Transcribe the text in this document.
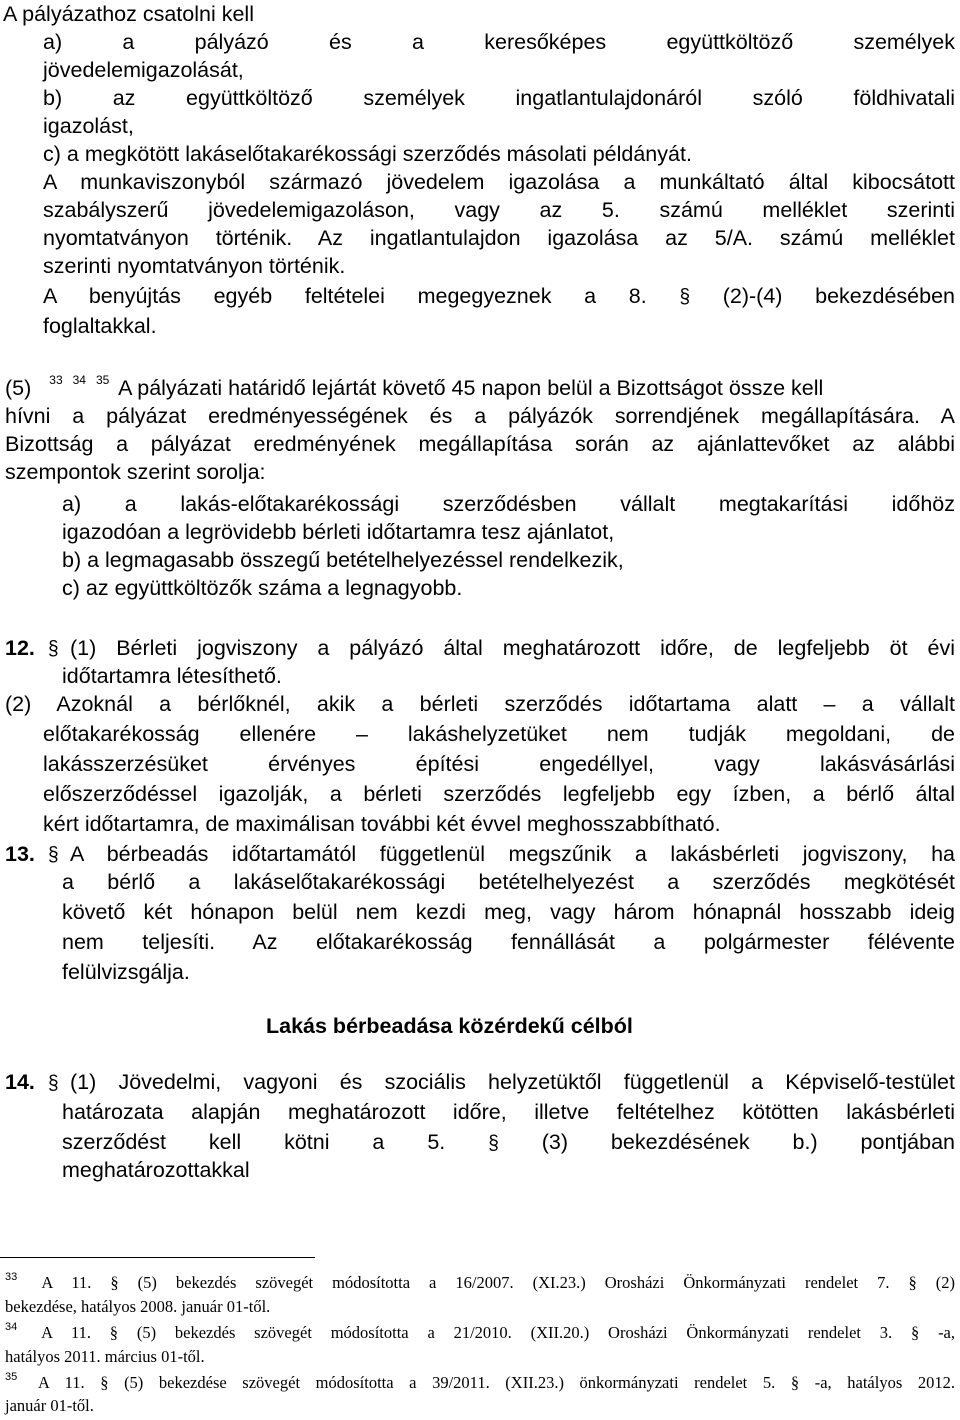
A pályázathoz csatolni kell
a) a pályázó és a keresőképes együttköltöző személyek
jövedelemigazolását,
b) az együttköltöző személyek ingatlantulajdonáról szóló földhivatali
igazolást,
c) a megkötött lakáselőtakarékossági szerződés másolati példányát.
A munkaviszonyból származó jövedelem igazolása a munkáltató által kibocsátott
szabályszerű jövedelemigazoláson, vagy az 5. számú melléklet szerinti
nyomtatványon történik. Az ingatlantulajdon igazolása az 5/A. számú melléklet
szerinti nyomtatványon történik.
A benyújtás egyéb feltételei megegyeznek a 8. § (2)-(4) bekezdésében
foglaltakkal.
(5) $^{33}$ $^{34}$ $^{35}$ A pályázati határidő lejártát követő 45 napon belül a Bizottságot össze kell
hívni a pályázat eredményességének és a pályázók sorrendjének megállapítására. A
Bizottság a pályázat eredményének megállapítása során az ajánlattevőket az alábbi
szempontok szerint sorolja:
a) a lakás-előtakarékossági szerződésben vállalt megtakarítási időhöz
igazodóan a legrövidebb bérleti időtartamra tesz ajánlatot,
b) a legmagasabb összegű betételhelyezéssel rendelkezik,
c) az együttköltözők száma a legnagyobb.
12. § (1) Bérleti jogviszony a pályázó által meghatározott időre, de legfeljebb öt évi
időtartamra létesíthető.
(2) Azoknál a bérlőknél, akik a bérleti szerződés időtartama alatt – a vállalt
előtakarékosság ellenére – lakáshelyzetüket nem tudják megoldani, de
lakásszerzésüket érvényes építési engedéllyel, vagy lakásvásárlási
előszerződéssel igazolják, a bérleti szerződés legfeljebb egy ízben, a bérlő által
kért időtartamra, de maximálisan további két évvel meghosszabbítható.
13. § A bérbeadás időtartamától függetlenül megszűnik a lakásbérleti jogviszony, ha
a bérlő a lakáselőtakarékossági betételhelyezést a szerződés megkötését
követő két hónapon belül nem kezdi meg, vagy három hónapnál hosszabb ideig
nem teljesíti. Az előtakarékosság fennállását a polgármester félévente
felülvizsgálja.
Lakás bérbeadása közérdekű célból
14. § (1) Jövedelmi, vagyoni és szociális helyzetüktől függetlenül a Képviselő-testület
határozata alapján meghatározott időre, illetve feltételhez kötötten lakásbérleti
szerződést kell kötni a 5. § (3) bekezdésének b.) pontjában
meghatározottakkal
$^{33}$ A 11. § (5) bekezdés szövegét módosította a 16/2007. (XI.23.) Orosházi Önkormányzati rendelet 7. § (2)
bekezdése, hatályos 2008. január 01-től.
$^{34}$ A 11. § (5) bekezdés szövegét módosította a 21/2010. (XII.20.) Orosházi Önkormányzati rendelet 3. § -a,
hatályos 2011. március 01-től.
$^{35}$ A 11. § (5) bekezdése szövegét módosította a 39/2011. (XII.23.) önkormányzati rendelet 5. § -a, hatályos 2012.
január 01-től.
